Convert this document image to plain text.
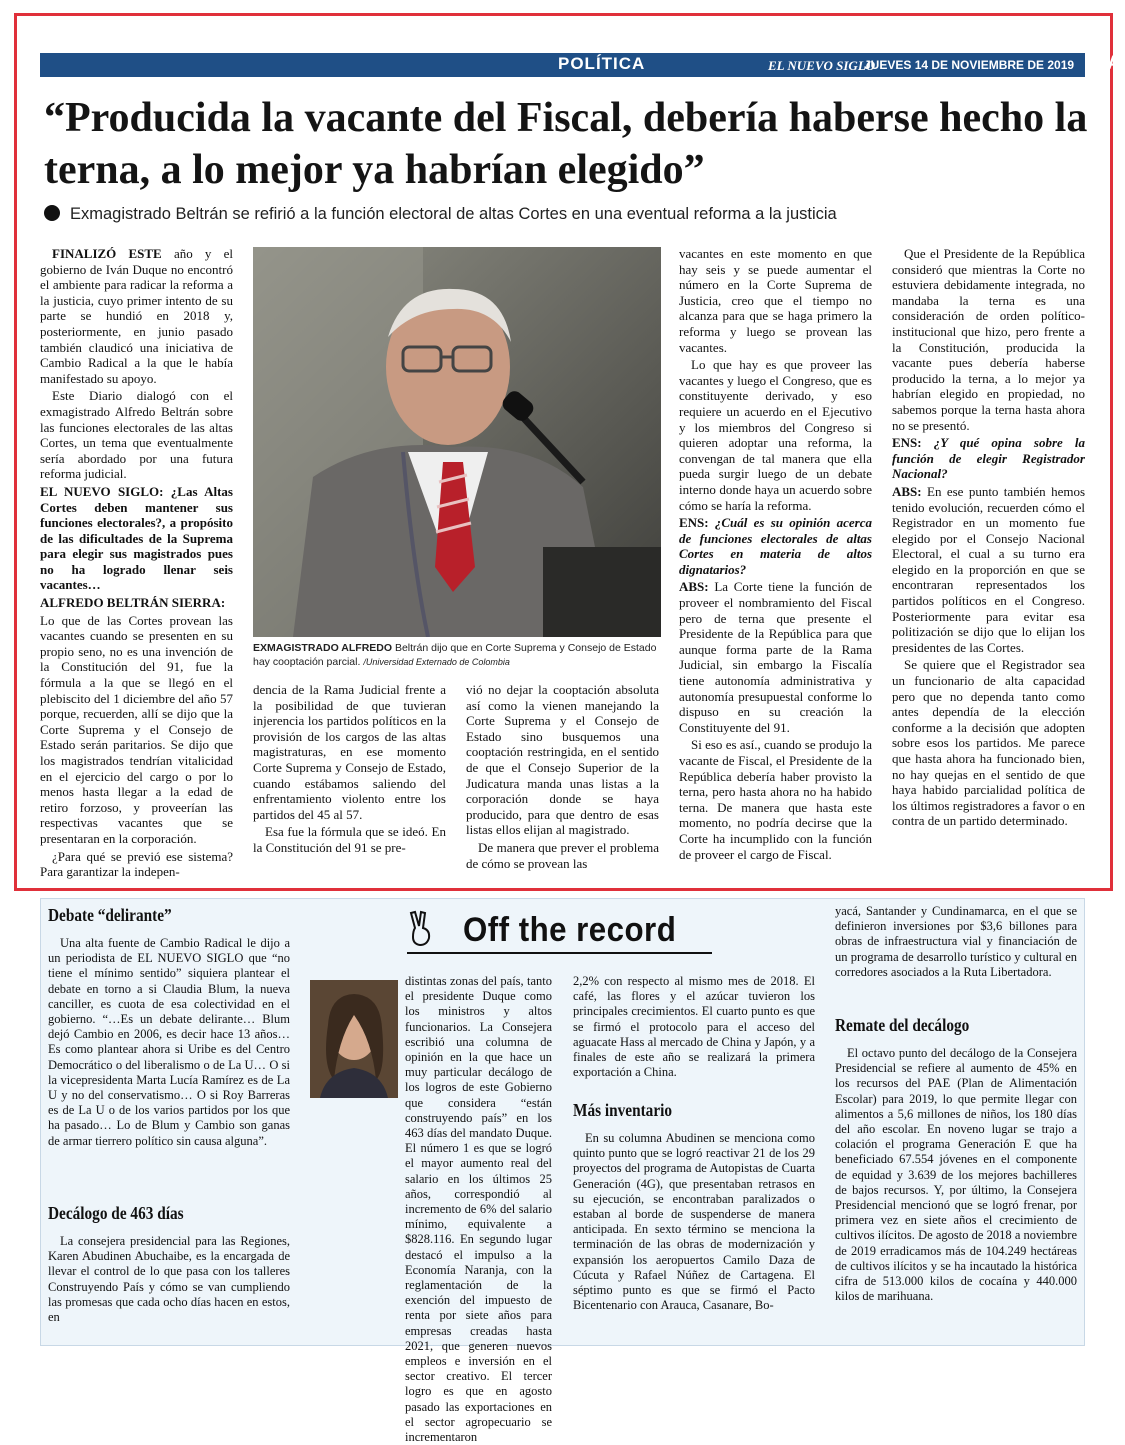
POLÍTICA	EL NUEVO SIGLO
JUEVES 14 DE NOVIEMBRE DE 2019 13A
“Producida la vacante del Fiscal, debería haberse hecho la terna, a lo mejor ya habrían elegido”
Exmagistrado Beltrán se refirió a la función electoral de altas Cortes en una eventual reforma a la justicia

FINALIZÓ ESTE año y el gobierno de Iván Duque no encontró el ambiente para radicar la reforma a la justicia, cuyo primer intento de su parte se hundió en 2018 y, posteriormente, en junio pasado también claudicó una iniciativa de Cambio Radical a la que le había manifestado su apoyo.

Este Diario dialogó con el exmagistrado Alfredo Beltrán sobre las funciones electorales de las altas Cortes, un tema que eventualmente sería abordado por una futura reforma judicial.

EL NUEVO SIGLO: ¿Las Altas Cortes deben mantener sus funciones electorales?, a propósito de las dificultades de la Suprema para elegir sus magistrados pues no ha logrado llenar seis vacantes…

ALFREDO BELTRÁN SIERRA:

Lo que de las Cortes provean las vacantes cuando se presenten en su propio seno, no es una invención de la Constitución del 91, fue la fórmula a la que se llegó en el plebiscito del 1 diciembre del año 57 porque, recuerden, allí se dijo que la Corte Suprema y el Consejo de Estado serán paritarios. Se dijo que los magistrados tendrían vitalicidad en el ejercicio del cargo o por lo menos hasta llegar a la edad de retiro forzoso, y proveerían las respectivas vacantes que se presentaran en la corporación.

¿Para qué se previó ese sistema? Para garantizar la indepen-

EXMAGISTRADO ALFREDO Beltrán dijo que en Corte Suprema y Consejo de Estado hay cooptación parcial. /Universidad Externado de Colombia

dencia de la Rama Judicial frente a la posibilidad de que tuvieran injerencia los partidos políticos en la provisión de los cargos de las altas magistraturas, en ese momento Corte Suprema y Consejo de Estado, cuando estábamos saliendo del enfrentamiento violento entre los partidos del 45 al 57.

Esa fue la fórmula que se ideó. En la Constitución del 91 se pre-

vió no dejar la cooptación absoluta así como la vienen manejando la Corte Suprema y el Consejo de Estado sino busquemos una cooptación restringida, en el sentido de que el Consejo Superior de la Judicatura manda unas listas a la corporación donde se haya producido, para que dentro de esas listas ellos elijan al magistrado.

De manera que prever el problema de cómo se provean las

vacantes en este momento en que hay seis y se puede aumentar el número en la Corte Suprema de Justicia, creo que el tiempo no alcanza para que se haga primero la reforma y luego se provean las vacantes.

Lo que hay es que proveer las vacantes y luego el Congreso, que es constituyente derivado, y eso requiere un acuerdo en el Ejecutivo y los miembros del Congreso si quieren adoptar una reforma, la convengan de tal manera que ella pueda surgir luego de un debate interno donde haya un acuerdo sobre cómo se haría la reforma.

ENS: ¿Cuál es su opinión acerca de funciones electorales de altas Cortes en materia de altos dignatarios?

ABS: La Corte tiene la función de proveer el nombramiento del Fiscal pero de terna que presente el Presidente de la República para que aunque forma parte de la Rama Judicial, sin embargo la Fiscalía tiene autonomía administrativa y autonomía presupuestal conforme lo dispuso en su creación la Constituyente del 91.

Si eso es así., cuando se produjo la vacante de Fiscal, el Presidente de la República debería haber provisto la terna, pero hasta ahora no ha habido terna. De manera que hasta este momento, no podría decirse que la Corte ha incumplido con la función de proveer el cargo de Fiscal.

Que el Presidente de la República consideró que mientras la Corte no estuviera debidamente integrada, no mandaba la terna es una consideración de orden político-institucional que hizo, pero frente a la Constitución, producida la vacante pues debería haberse producido la terna, a lo mejor ya habrían elegido en propiedad, no sabemos porque la terna hasta ahora no se presentó.

ENS: ¿Y qué opina sobre la función de elegir Registrador Nacional?

ABS: En ese punto también hemos tenido evolución, recuerden cómo el Registrador en un momento fue elegido por el Consejo Nacional Electoral, el cual a su turno era elegido en la proporción en que se encontraran representados los partidos políticos en el Congreso. Posteriormente para evitar esa politización se dijo que lo elijan los presidentes de las Cortes.

Se quiere que el Registrador sea un funcionario de alta capacidad pero que no dependa tanto como antes dependía de la elección conforme a la decisión que adopten sobre esos los partidos. Me parece que hasta ahora ha funcionado bien, no hay quejas en el sentido de que haya habido parcialidad política de los últimos registradores a favor o en contra de un partido determinado.

Off the record
Debate “delirante”

Una alta fuente de Cambio Radical le dijo a un periodista de EL NUEVO SIGLO que “no tiene el mínimo sentido” siquiera plantear el debate en torno a si Claudia Blum, la nueva canciller, es cuota de esa colectividad en el gobierno. “…Es un debate delirante… Blum dejó Cambio en 2006, es decir hace 13 años… Es como plantear ahora si Uribe es del Centro Democrático o del liberalismo o de La U… O si la vicepresidenta Marta Lucía Ramírez es de La U y no del conservatismo… O si Roy Barreras es de La U o de los varios partidos por los que ha pasado… Lo de Blum y Cambio son ganas de armar tierrero político sin causa alguna”.

Decálogo de 463 días

La consejera presidencial para las Regiones, Karen Abudinen Abuchaibe, es la encargada de llevar el control de lo que pasa con los talleres Construyendo País y cómo se van cumpliendo las promesas que cada ocho días hacen en estos, en

distintas zonas del país, tanto el presidente Duque como los ministros y altos funcionarios. La Consejera escribió una columna de opinión en la que hace un muy particular decálogo de los logros de este Gobierno que considera “están construyendo país” en los 463 días del mandato Duque. El número 1 es que se logró el mayor aumento real del salario en los últimos 25 años, correspondió al incremento de 6% del salario mínimo, equivalente a $828.116. En segundo lugar destacó el impulso a la Economía Naranja, con la reglamentación de la exención del impuesto de renta por siete años para empresas creadas hasta 2021, que generen nuevos empleos e inversión en el sector creativo. El tercer logro es que en agosto pasado las exportaciones en el sector agropecuario se incrementaron

2,2% con respecto al mismo mes de 2018. El café, las flores y el azúcar tuvieron los principales crecimientos. El cuarto punto es que se firmó el protocolo para el acceso del aguacate Hass al mercado de China y Japón, y a finales de este año se realizará la primera exportación a China.

Más inventario

En su columna Abudinen se menciona como quinto punto que se logró reactivar 21 de los 29 proyectos del programa de Autopistas de Cuarta Generación (4G), que presentaban retrasos en su ejecución, se encontraban paralizados o estaban al borde de suspenderse de manera anticipada. En sexto término se menciona la terminación de las obras de modernización y expansión los aeropuertos Camilo Daza de Cúcuta y Rafael Núñez de Cartagena. El séptimo punto es que se firmó el Pacto Bicentenario con Arauca, Casanare, Bo-

yacá, Santander y Cundinamarca, en el que se definieron inversiones por $3,6 billones para obras de infraestructura vial y financiación de un programa de desarrollo turístico y cultural en corredores asociados a la Ruta Libertadora.

Remate del decálogo

El octavo punto del decálogo de la Consejera Presidencial se refiere al aumento de 45% en los recursos del PAE (Plan de Alimentación Escolar) para 2019, lo que permite llegar con alimentos a 5,6 millones de niños, los 180 días del año escolar. En noveno lugar se trajo a colación el programa Generación E que ha beneficiado 67.554 jóvenes en el componente de equidad y 3.639 de los mejores bachilleres de bajos recursos. Y, por último, la Consejera Presidencial mencionó que se logró frenar, por primera vez en siete años el crecimiento de cultivos ilícitos. De agosto de 2018 a noviembre de 2019 erradicamos más de 104.249 hectáreas de cultivos ilícitos y se ha incautado la histórica cifra de 513.000 kilos de cocaína y 440.000 kilos de marihuana.
